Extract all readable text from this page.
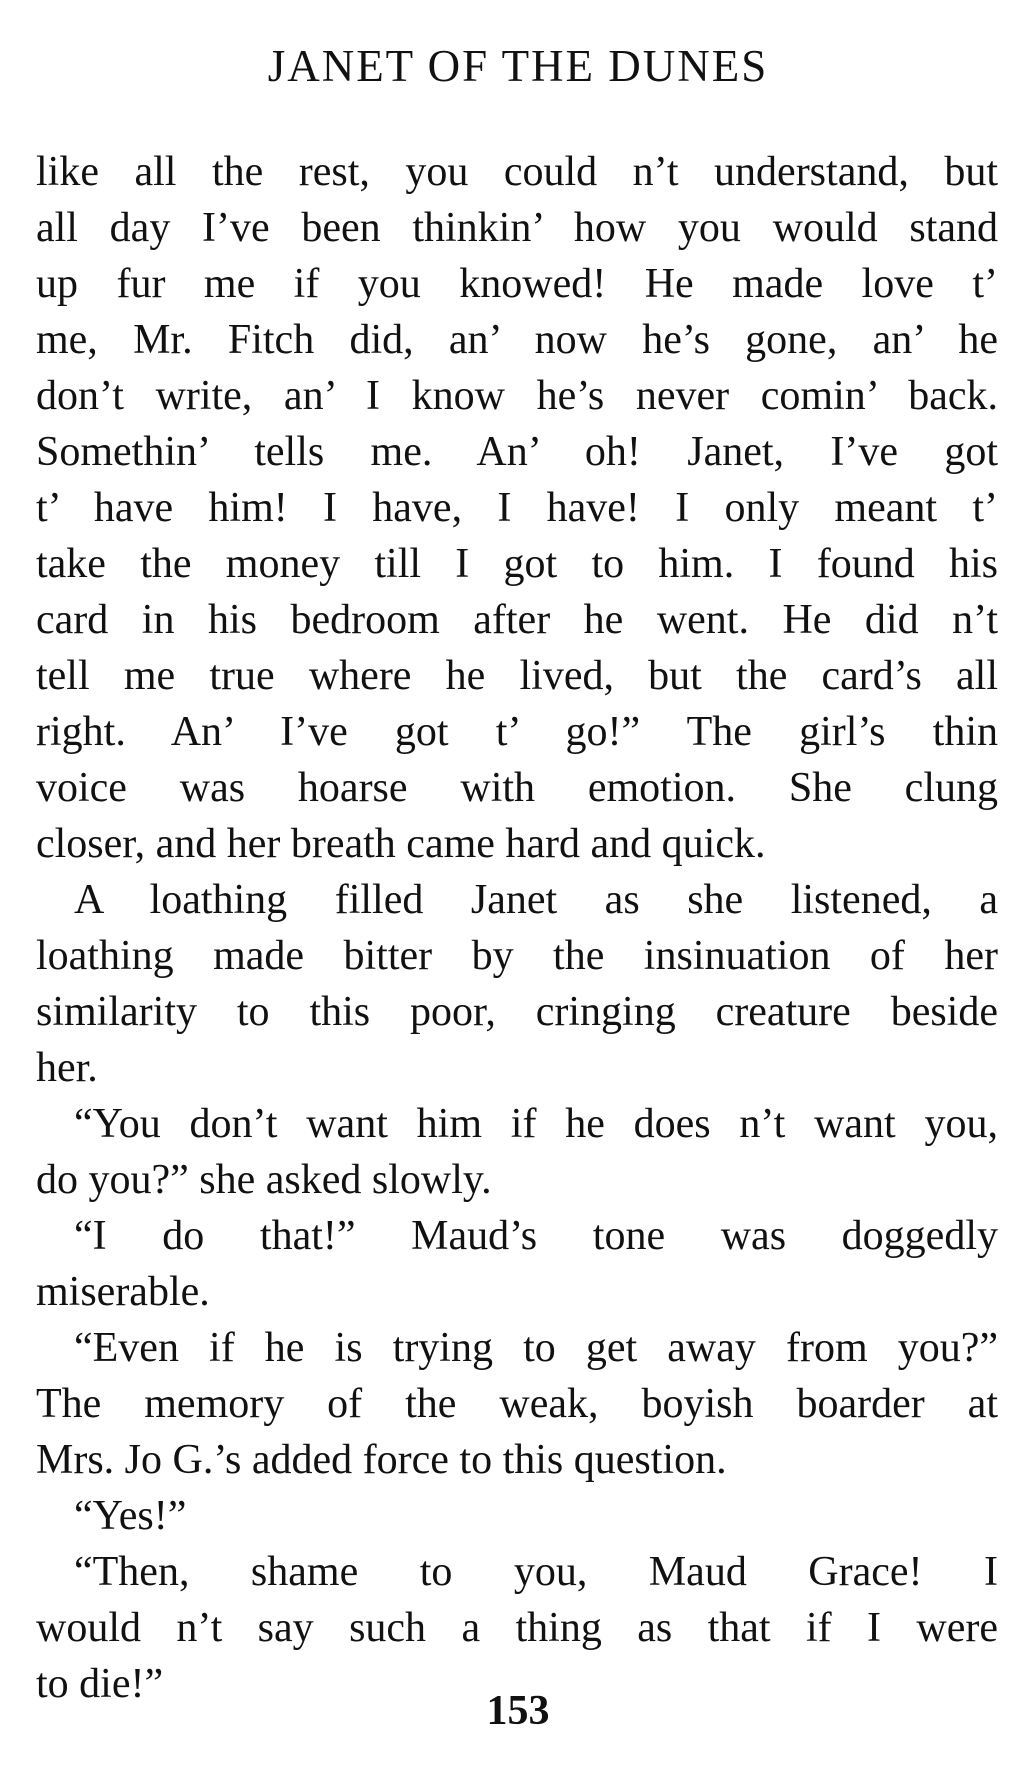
JANET OF THE DUNES
like all the rest, you could n’t understand, but
all day I’ve been thinkin’ how you would stand
up fur me if you knowed! He made love t’
me, Mr. Fitch did, an’ now he’s gone, an’ he
don’t write, an’ I know he’s never comin’ back.
Somethin’ tells me. An’ oh! Janet, I’ve got
t’ have him! I have, I have! I only meant t’
take the money till I got to him. I found his
card in his bedroom after he went. He did n’t
tell me true where he lived, but the card’s all
right. An’ I’ve got t’ go!” The girl’s thin
voice was hoarse with emotion. She clung
closer, and her breath came hard and quick.
A loathing filled Janet as she listened, a
loathing made bitter by the insinuation of her
similarity to this poor, cringing creature beside
her.
“You don’t want him if he does n’t want you,
do you?” she asked slowly.
“I do that!” Maud’s tone was doggedly
miserable.
“Even if he is trying to get away from you?”
The memory of the weak, boyish boarder at
Mrs. Jo G.’s added force to this question.
“Yes!”
“Then, shame to you, Maud Grace! I
would n’t say such a thing as that if I were
to die!”
153
